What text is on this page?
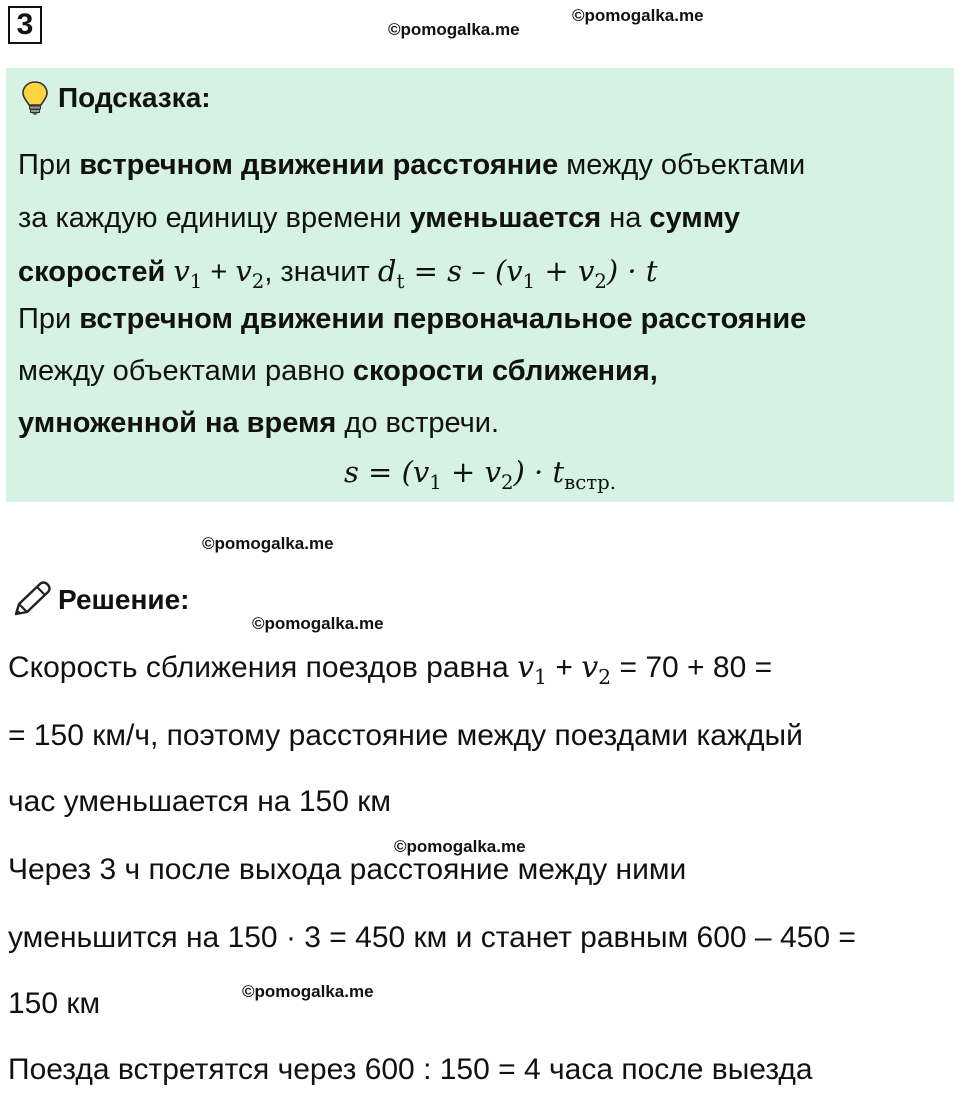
3	©pomogalka.me
©pomogalka.me
Подсказка:
При встречном движении расстояние между объектами
за каждую единицу времени уменьшается на сумму
скоростей $v_1 + v_2$, значит $d_t = s - (v_1 + v_2) \cdot t$
При встречном движении первоначальное расстояние
между объектами равно скорости сближения,
умноженной на время до встречи.
$s = (v_1 + v_2) \cdot t_{встр.}$
©pomogalka.me
Решение:
©pomogalka.me
Скорость сближения поездов равна $v_1 + v_2 = 70 + 80$ =
= 150 км/ч, поэтому расстояние между поездами каждый
час уменьшается на 150 км
©pomogalka.me
Через 3 ч после выхода расстояние между ними
уменьшится на 150 · 3 = 450 км и станет равным 600 – 450 =
©pomogalka.me
150 км
Поезда встретятся через 600 : 150 = 4 часа после выезда
